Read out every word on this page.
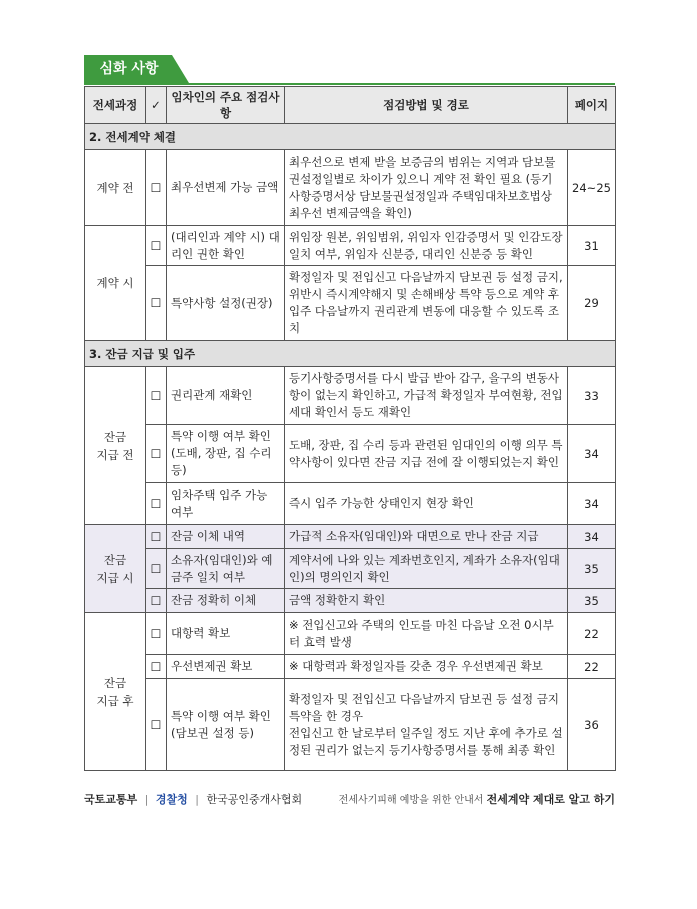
심화 사항
전세과정	✓	임차인의 주요 점검사항	점검방법 및 경로	페이지
2. 전세계약 체결				
계약 전	☐	최우선변제 가능 금액	최우선으로 변제 받을 보증금의 범위는 지역과 담보물권설정일별로 차이가 있으니 계약 전 확인 필요 (등기사항증명서상 담보물권설정일과 주택임대차보호법상 최우선 변제금액을 확인)	24~25
계약 시	☐	(대리인과 계약 시) 대리인 권한 확인	위임장 원본, 위임범위, 위임자 인감증명서 및 인감도장 일치 여부, 위임자 신분증, 대리인 신분증 등 확인	31
	☐	특약사항 설정(권장)	확정일자 및 전입신고 다음날까지 담보권 등 설정 금지, 위반시 즉시계약해지 및 손해배상 특약 등으로 계약 후 입주 다음날까지 권리관계 변동에 대응할 수 있도록 조치	29
3. 잔금 지급 및 입주				
잔금
지급 전	☐	권리관계 재확인	등기사항증명서를 다시 발급 받아 갑구, 을구의 변동사항이 없는지 확인하고, 가급적 확정일자 부여현황, 전입세대 확인서 등도 재확인	33
	☐	특약 이행 여부 확인 (도배, 장판, 집 수리 등)	도배, 장판, 집 수리 등과 관련된 임대인의 이행 의무 특약사항이 있다면 잔금 지급 전에 잘 이행되었는지 확인	34
	☐	임차주택 입주 가능 여부	즉시 입주 가능한 상태인지 현장 확인	34
잔금
지급 시	☐	잔금 이체 내역	가급적 소유자(임대인)와 대면으로 만나 잔금 지급	34
	☐	소유자(임대인)와 예금주 일치 여부	계약서에 나와 있는 계좌번호인지, 계좌가 소유자(임대인)의 명의인지 확인	35
	☐	잔금 정확히 이체	금액 정확한지 확인	35
잔금
지급 후	☐	대항력 확보	※ 전입신고와 주택의 인도를 마친 다음날 오전 0시부터 효력 발생	22
	☐	우선변제권 확보	※ 대항력과 확정일자를 갖춘 경우 우선변제권 확보	22
	☐	특약 이행 여부 확인 (담보권 설정 등)	확정일자 및 전입신고 다음날까지 담보권 등 설정 금지 특약을 한 경우
전입신고 한 날로부터 일주일 정도 지난 후에 추가로 설정된 권리가 없는지 등기사항증명서를 통해 최종 확인	36
국토교통부 | 경찰청 | 한국공인중개사협회	전세사기피해 예방을 위한 안내서 전세계약 제대로 알고 하기
